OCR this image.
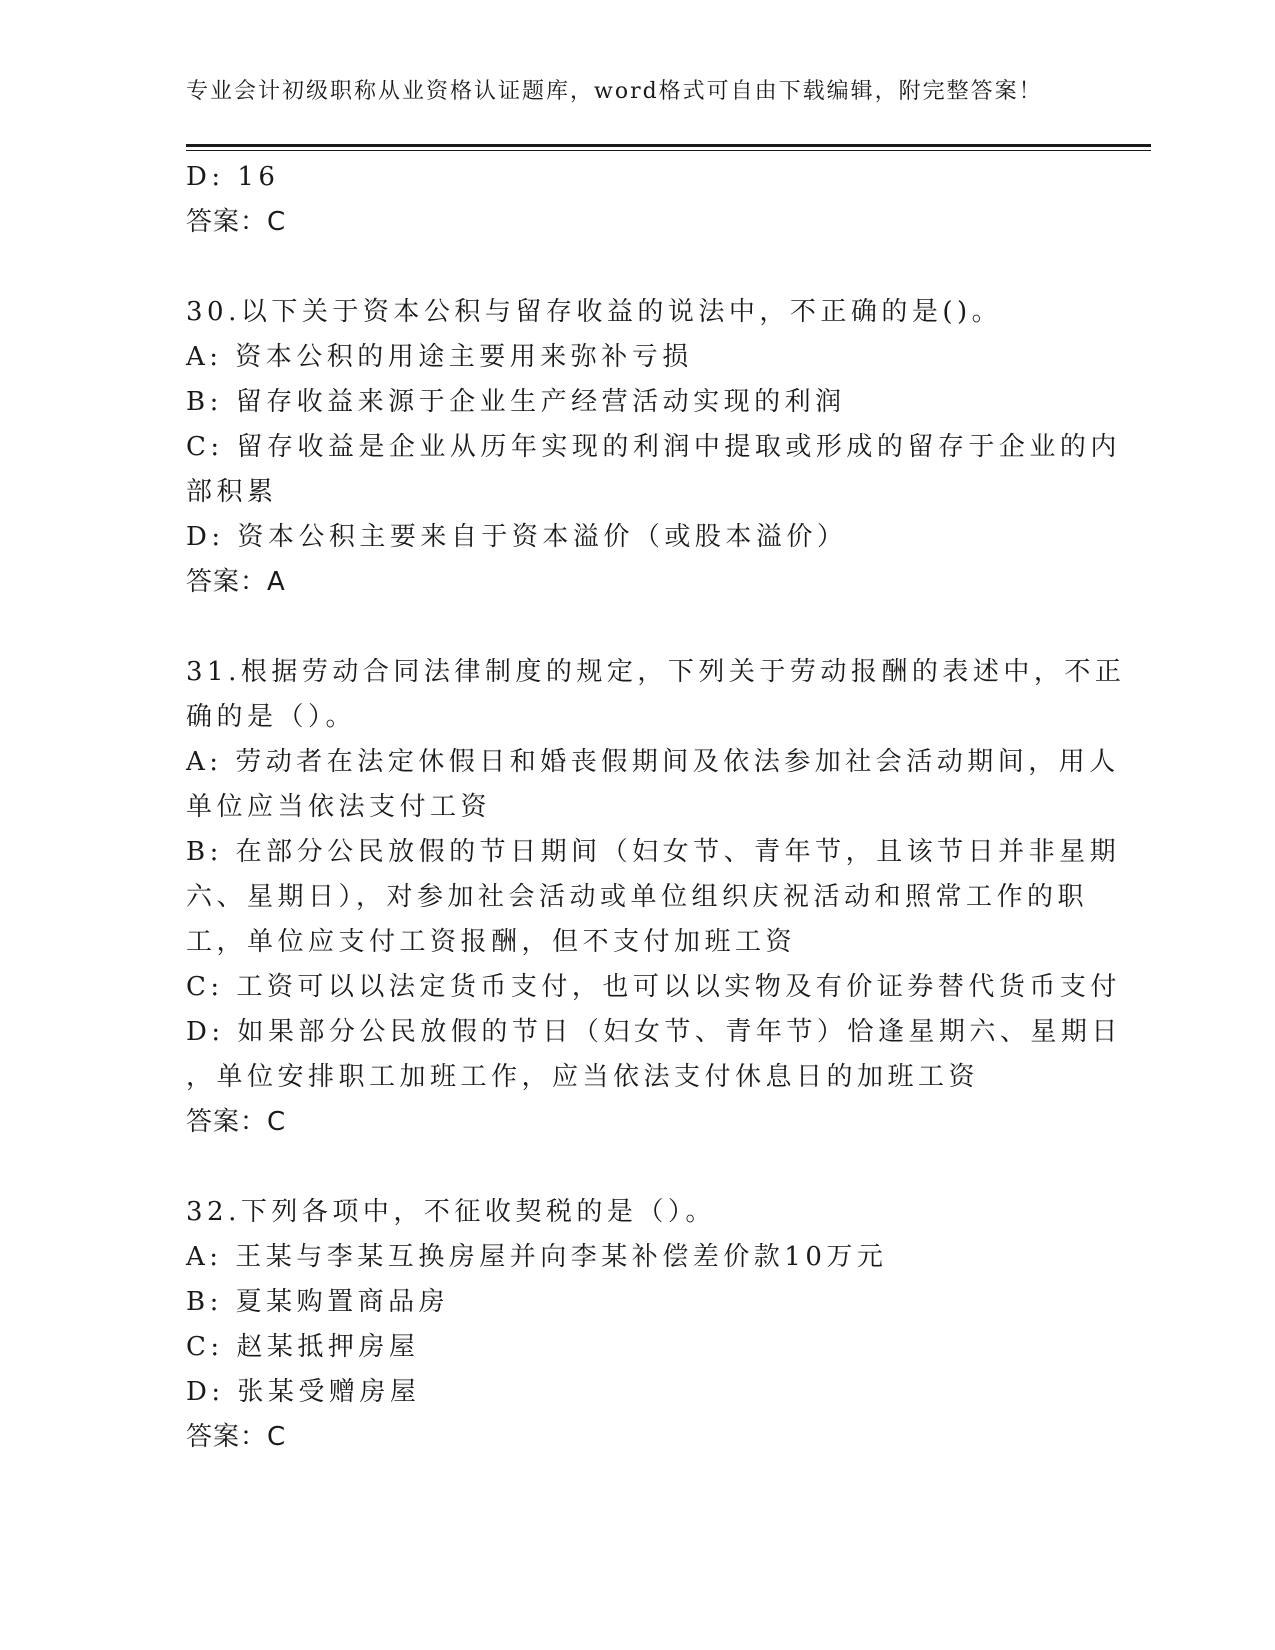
专业会计初级职称从业资格认证题库，word格式可自由下载编辑，附完整答案！
D: 16
答案：C
30.以下关于资本公积与留存收益的说法中，不正确的是()。
A: 资本公积的用途主要用来弥补亏损
B: 留存收益来源于企业生产经营活动实现的利润
C: 留存收益是企业从历年实现的利润中提取或形成的留存于企业的内
部积累
D: 资本公积主要来自于资本溢价（或股本溢价）
答案：A
31.根据劳动合同法律制度的规定，下列关于劳动报酬的表述中，不正
确的是（）。
A: 劳动者在法定休假日和婚丧假期间及依法参加社会活动期间，用人
单位应当依法支付工资
B: 在部分公民放假的节日期间（妇女节、青年节，且该节日并非星期
六、星期日），对参加社会活动或单位组织庆祝活动和照常工作的职
工，单位应支付工资报酬，但不支付加班工资
C: 工资可以以法定货币支付，也可以以实物及有价证券替代货币支付
D: 如果部分公民放假的节日（妇女节、青年节）恰逢星期六、星期日
，单位安排职工加班工作，应当依法支付休息日的加班工资
答案：C
32.下列各项中，不征收契税的是（）。
A: 王某与李某互换房屋并向李某补偿差价款10万元
B: 夏某购置商品房
C: 赵某抵押房屋
D: 张某受赠房屋
答案：C
